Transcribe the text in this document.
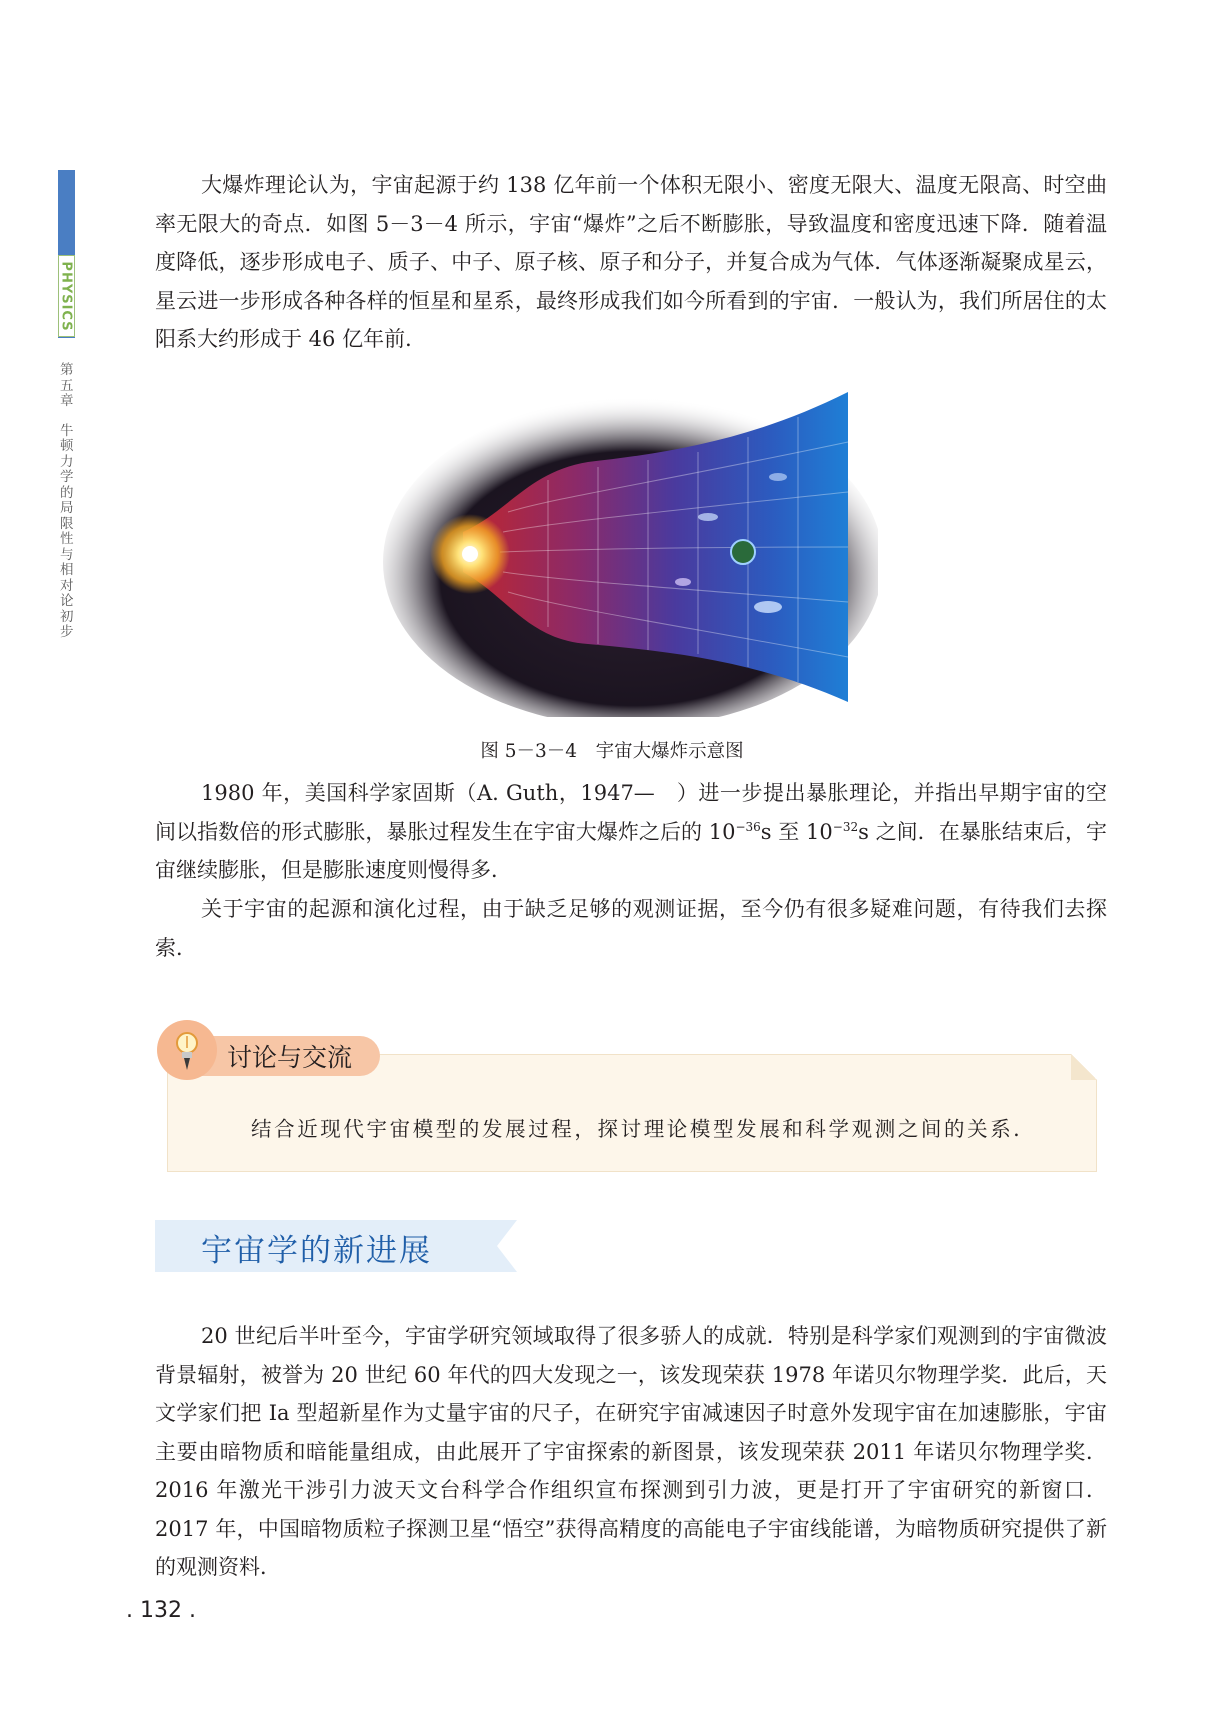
PHYSICS
第五章
牛顿力学的局限性与相对论初步

大爆炸理论认为，宇宙起源于约 138 亿年前一个体积无限小、密度无限大、温度无限高、时空曲率无限大的奇点．如图 5－3－4 所示，宇宙“爆炸”之后不断膨胀，导致温度和密度迅速下降．随着温度降低，逐步形成电子、质子、中子、原子核、原子和分子，并复合成为气体．气体逐渐凝聚成星云，星云进一步形成各种各样的恒星和星系，最终形成我们如今所看到的宇宙．一般认为，我们所居住的太阳系大约形成于 46 亿年前．

图 5－3－4　宇宙大爆炸示意图

1980 年，美国科学家固斯（A. Guth，1947—　）进一步提出暴胀理论，并指出早期宇宙的空间以指数倍的形式膨胀，暴胀过程发生在宇宙大爆炸之后的 $10^{-36}s$ 至 $10^{-32}s$ 之间．在暴胀结束后，宇宙继续膨胀，但是膨胀速度则慢得多．

关于宇宙的起源和演化过程，由于缺乏足够的观测证据，至今仍有很多疑难问题，有待我们去探索．

讨论与交流
结合近现代宇宙模型的发展过程，探讨理论模型发展和科学观测之间的关系．
宇宙学的新进展

20 世纪后半叶至今，宇宙学研究领域取得了很多骄人的成就．特别是科学家们观测到的宇宙微波背景辐射，被誉为 20 世纪 60 年代的四大发现之一，该发现荣获 1978 年诺贝尔物理学奖．此后，天文学家们把 Ia 型超新星作为丈量宇宙的尺子，在研究宇宙减速因子时意外发现宇宙在加速膨胀，宇宙主要由暗物质和暗能量组成，由此展开了宇宙探索的新图景，该发现荣获 2011 年诺贝尔物理学奖．2016 年激光干涉引力波天文台科学合作组织宣布探测到引力波，更是打开了宇宙研究的新窗口．2017 年，中国暗物质粒子探测卫星“悟空”获得高精度的高能电子宇宙线能谱，为暗物质研究提供了新的观测资料．

. 132 .
